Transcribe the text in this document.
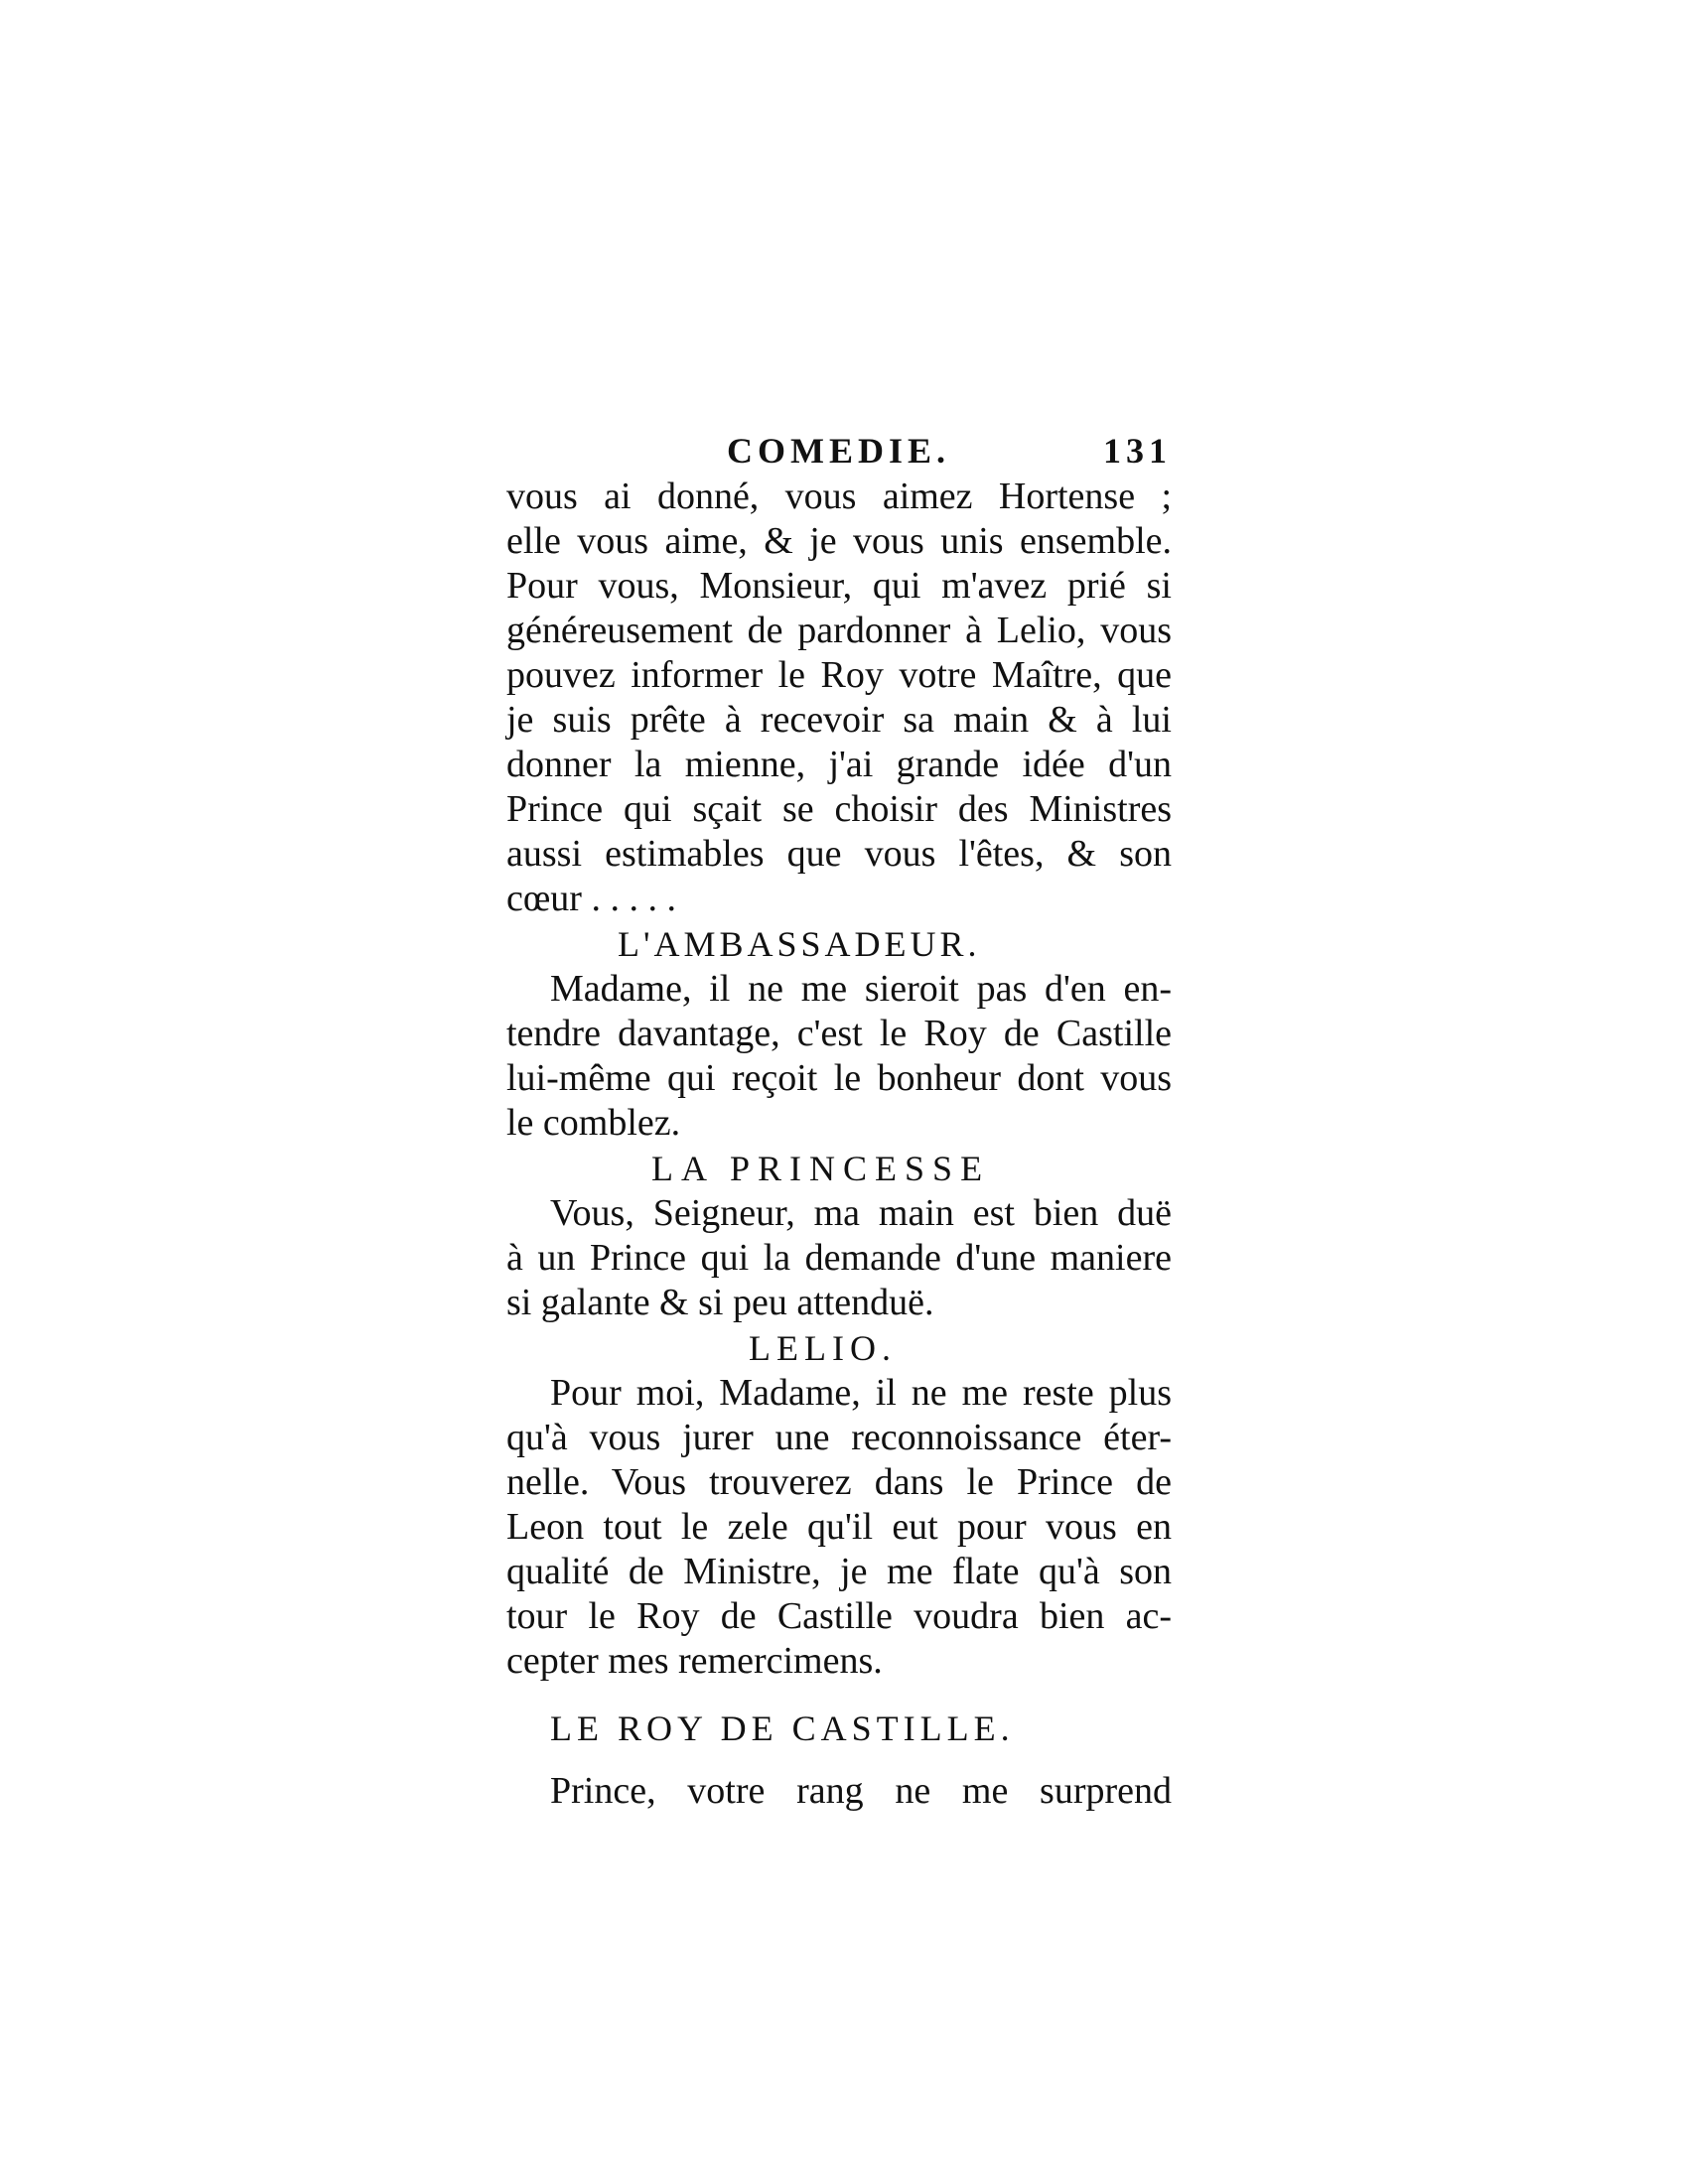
COMEDIE.	131
vous ai donné, vous aimez Hortense ;
elle vous aime, & je vous unis ensemble.
Pour vous, Monsieur, qui m'avez prié si
généreusement de pardonner à Lelio, vous
pouvez informer le Roy votre Maître, que
je suis prête à recevoir sa main & à lui
donner la mienne, j'ai grande idée d'un
Prince qui sçait se choisir des Ministres
aussi estimables que vous l'êtes, & son
cœur . . . . .
L'AMBASSADEUR.
Madame, il ne me sieroit pas d'en en-
tendre davantage, c'est le Roy de Castille
lui-même qui reçoit le bonheur dont vous
le comblez.
LA PRINCESSE
Vous, Seigneur, ma main est bien duë
à un Prince qui la demande d'une maniere
si galante & si peu attenduë.
LELIO.
Pour moi, Madame, il ne me reste plus
qu'à vous jurer une reconnoissance éter-
nelle. Vous trouverez dans le Prince de
Leon tout le zele qu'il eut pour vous en
qualité de Ministre, je me flate qu'à son
tour le Roy de Castille voudra bien ac-
cepter mes remercimens.
LE ROY DE CASTILLE.
Prince, votre rang ne me surprend
